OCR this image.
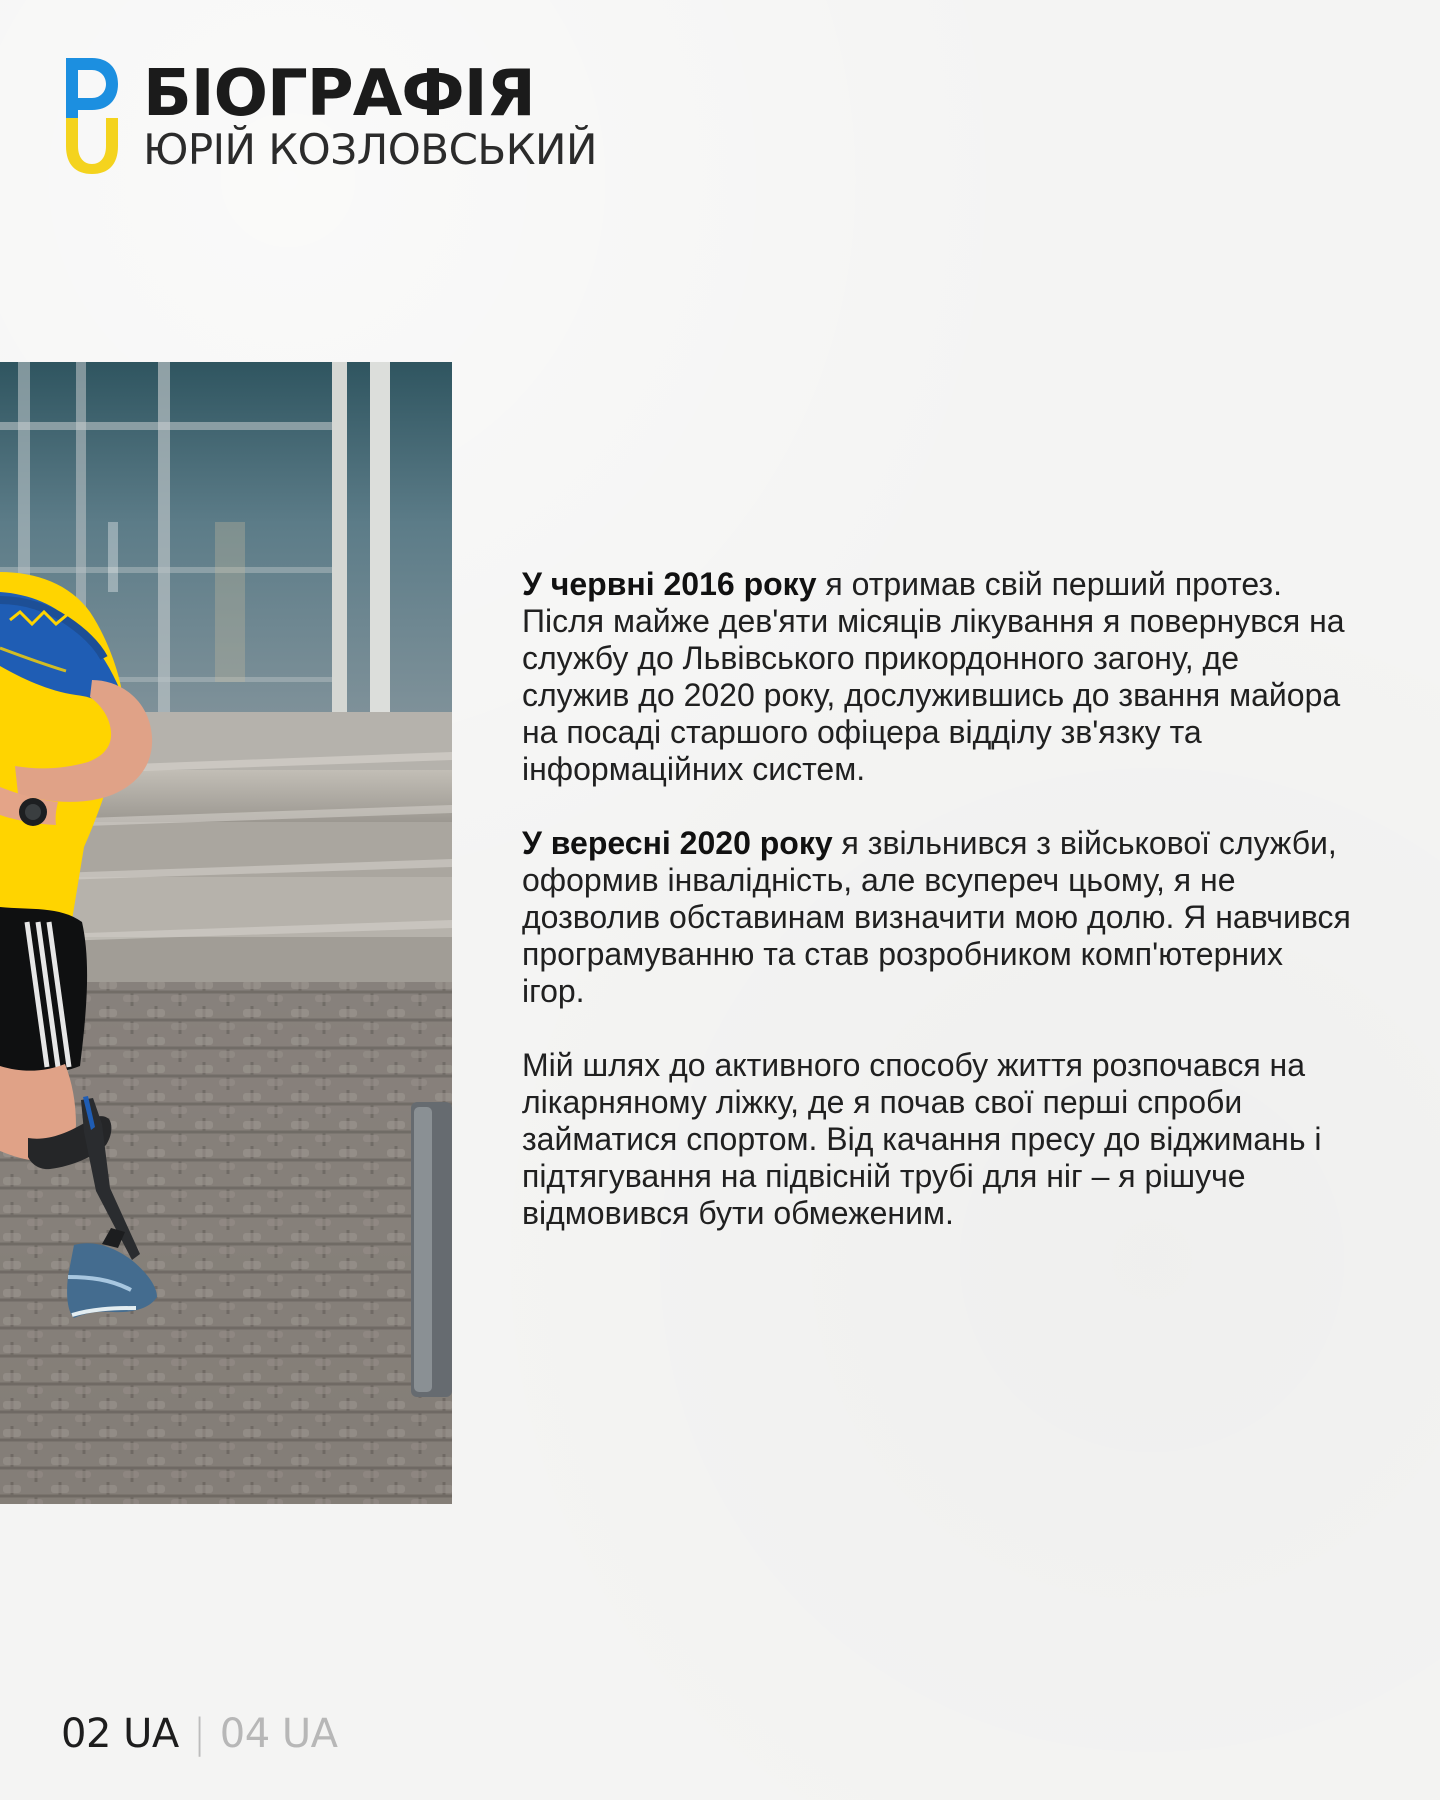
БІОГРАФІЯ
ЮРІЙ КОЗЛОВСЬКИЙ

У червні 2016 року я отримав свій перший протез. Після майже дев'яти місяців лікування я повернувся на службу до Львівського прикордонного загону, де служив до 2020 року, дослужившись до звання майора на посаді старшого офіцера відділу зв'язку та інформаційних систем.

У вересні 2020 року я звільнився з військової служби, оформив інвалідність, але всупереч цьому, я не дозволив обставинам визначити мою долю. Я навчився програмуванню та став розробником комп'ютерних ігор.

Мій шлях до активного способу життя розпочався на лікарняному ліжку, де я почав свої перші спроби займатися спортом. Від качання пресу до віджимань і підтягування на підвісній трубі для ніг – я рішуче відмовився бути обмеженим.

02 UA | 04 UA
